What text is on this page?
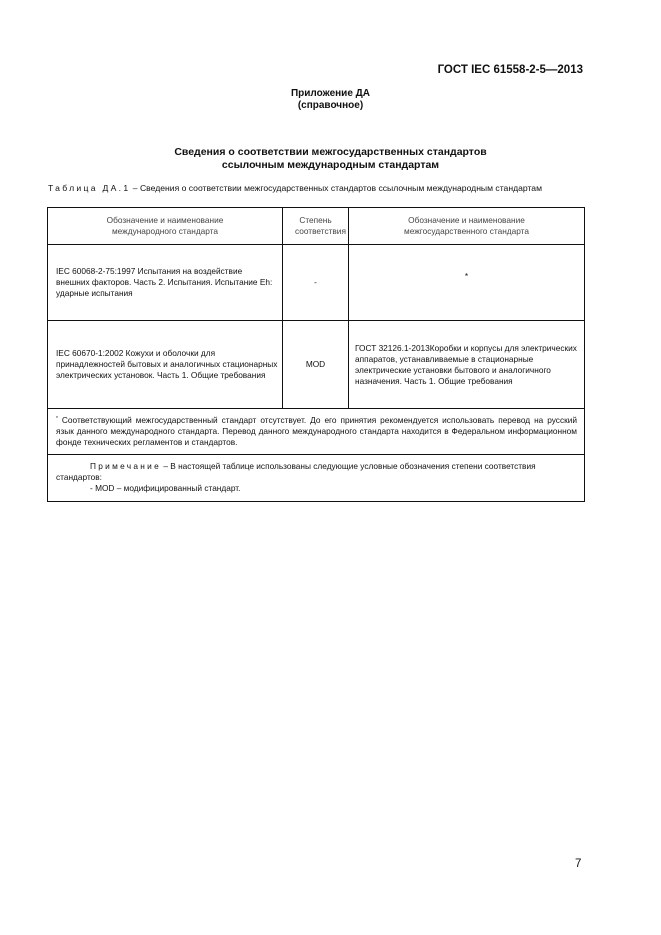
ГОСТ IEC 61558-2-5—2013
Приложение ДА
(справочное)
Сведения о соответствии межгосударственных стандартов
ссылочным международным стандартам
Таблица ДА.1 – Сведения о соответствии межгосударственных стандартов ссылочным международным стандартам
Обозначение и наименование международного стандарта	Степень соответствия	Обозначение и наименование межгосударственного стандарта

IEC 60068-2-75:1997 Испытания на воздействие внешних факторов. Часть 2. Испытания. Испытание Eh: ударные испытания	-	*
IEC 60670-1:2002 Кожухи и оболочки для принадлежностей бытовых и аналогичных стационарных электрических установок. Часть 1. Общие требования	MOD	ГОСТ 32126.1-2013Коробки и корпусы для электрических аппаратов, устанавливаемые в стационарные электрические установки бытового и аналогичного назначения. Часть 1. Общие требования
* Соответствующий межгосударственный стандарт отсутствует. До его принятия рекомендуется использовать перевод на русский язык данного международного стандарта. Перевод данного международного стандарта находится в Федеральном информационном фонде технических регламентов и стандартов.		

Примечание – В настоящей таблице использованы следующие условные обозначения степени соответствия стандартов:
- MOD – модифицированный стандарт.		
7
